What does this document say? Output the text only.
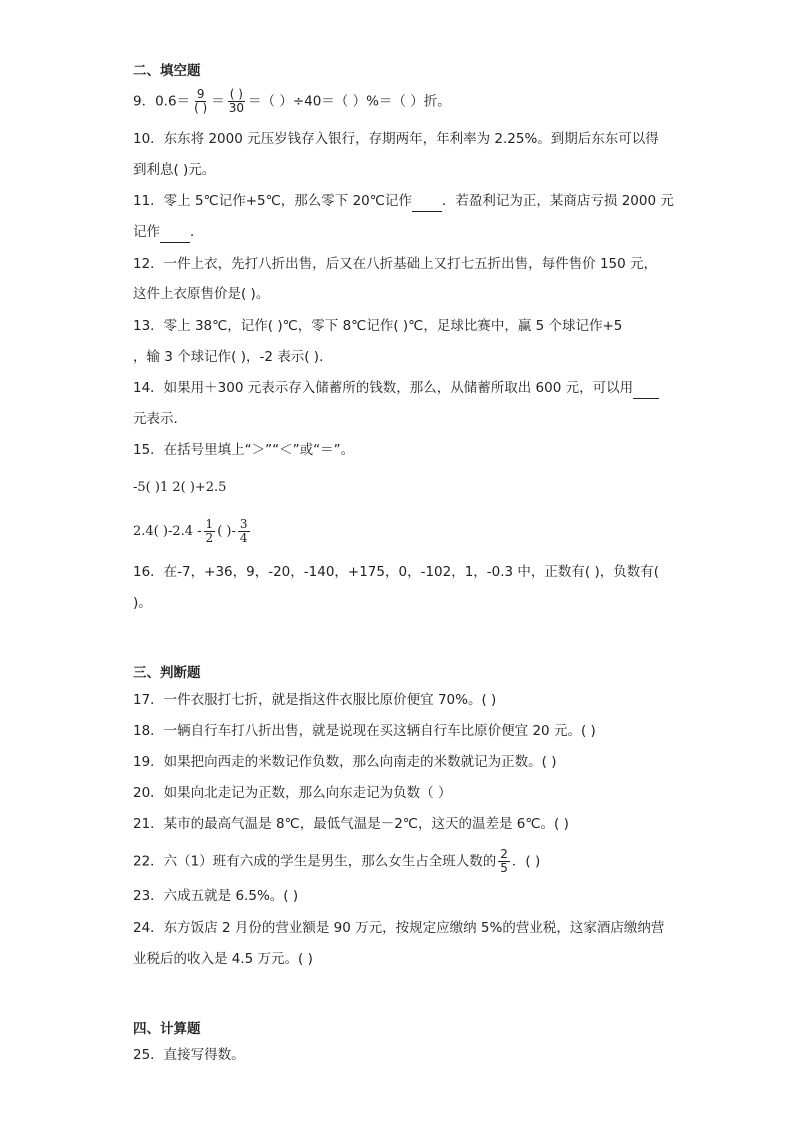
二、填空题
9．$0.6= \frac{9}{( )} = \frac{( )}{30}$ ＝（ ）÷40＝（ ）%＝（ ）折。
10．东东将 2000 元压岁钱存入银行，存期两年，年利率为 2.25%。到期后东东可以得
到利息( )元。
11．零上 5℃记作+5℃，那么零下 20℃记作 ．若盈利记为正，某商店亏损 2000 元
记作 ．
12．一件上衣，先打八折出售，后又在八折基础上又打七五折出售，每件售价 150 元，
这件上衣原售价是( )。
13．零上 38℃，记作( )℃，零下 8℃记作( )℃，足球比赛中，赢 5 个球记作+5
，输 3 个球记作( )，-2 表示( )．
14．如果用＋300 元表示存入储蓄所的钱数，那么，从储蓄所取出 600 元，可以用
元表示．
15．在括号里填上“＞”“＜”或“＝”。
-5( )1 2( )+2.5
2.4( )$-2.4 - \frac{1}{2}$ ( )- $\frac{3}{4}$
16．在-7，+36，9，-20，-140，+175，0，-102，1，-0.3 中，正数有( )，负数有(
)。
三、判断题
17．一件衣服打七折，就是指这件衣服比原价便宜 70%。( )
18．一辆自行车打八折出售，就是说现在买这辆自行车比原价便宜 20 元。( )
19．如果把向西走的米数记作负数，那么向南走的米数就记为正数。( )
20．如果向北走记为正数，那么向东走记为负数（ ）
21．某市的最高气温是 8℃，最低气温是－2℃，这天的温差是 6℃。( )
22．六（1）班有六成的学生是男生，那么女生占全班人数的 $\frac{2}{5}$ ．( )
23．六成五就是 6.5%。( )
24．东方饭店 2 月份的营业额是 90 万元，按规定应缴纳 5%的营业税，这家酒店缴纳营
业税后的收入是 4.5 万元。( )
四、计算题
25．直接写得数。
